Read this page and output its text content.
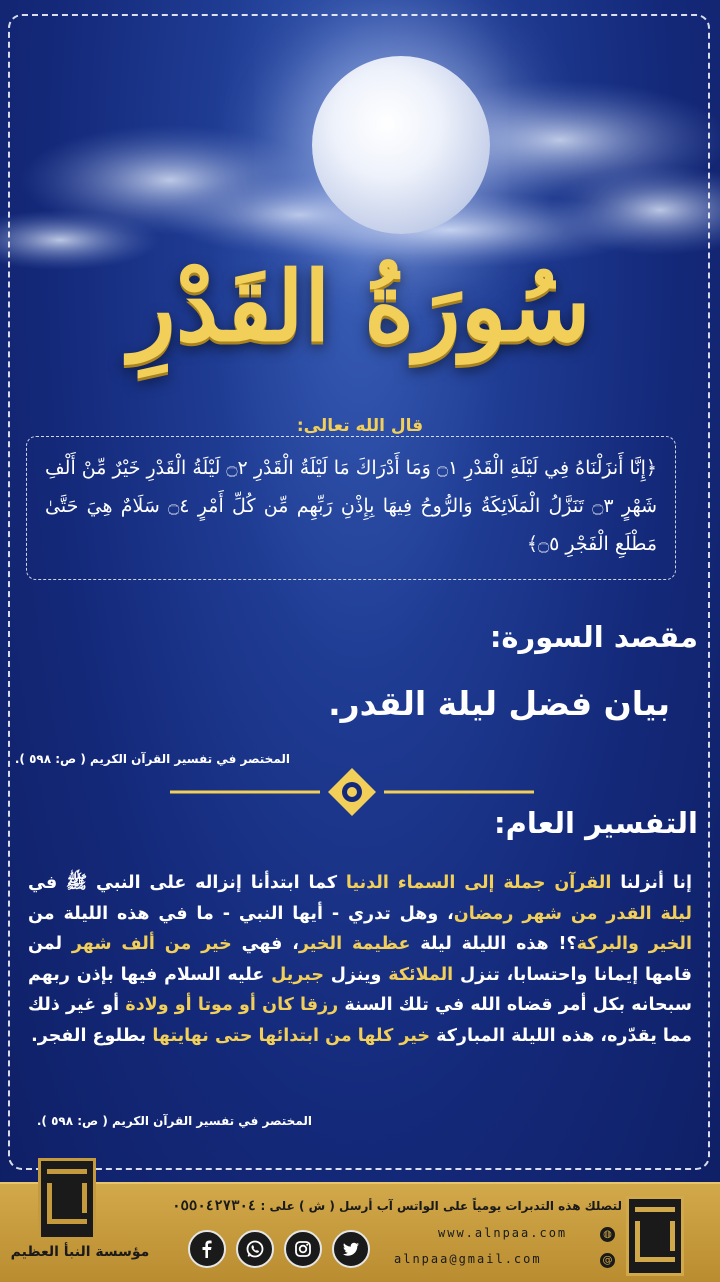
سُورَةُ القَدْرِ
قال الله تعالى:
﴿إِنَّا أَنزَلْنَاهُ فِي لَيْلَةِ الْقَدْرِ ۝١ وَمَا أَدْرَاكَ مَا لَيْلَةُ الْقَدْرِ ۝٢ لَيْلَةُ الْقَدْرِ خَيْرٌ مِّنْ أَلْفِ شَهْرٍ ۝٣ تَنَزَّلُ الْمَلَائِكَةُ وَالرُّوحُ فِيهَا بِإِذْنِ رَبِّهِم مِّن كُلِّ أَمْرٍ ۝٤ سَلَامٌ هِيَ حَتَّىٰ مَطْلَعِ الْفَجْرِ ۝٥﴾
مقصد السورة:
بيان فضل ليلة القدر.
المختصر في تفسير القرآن الكريم ( ص: ٥٩٨ ).
التفسير العام:
إنا أنزلنا القرآن جملة إلى السماء الدنيا كما ابتدأنا إنزاله على النبي ﷺ في ليلة القدر من شهر رمضان، وهل تدري - أيها النبي - ما في هذه الليلة من الخير والبركة؟! هذه الليلة ليلة عظيمة الخير، فهي خير من ألف شهر لمن قامها إيمانا واحتسابا، تنزل الملائكة وينزل جبريل عليه السلام فيها بإذن ربهم سبحانه بكل أمر قضاه الله في تلك السنة رزقا كان أو موتا أو ولادة أو غير ذلك مما يقدّره، هذه الليلة المباركة خير كلها من ابتدائها حتى نهايتها بطلوع الفجر.
المختصر في تفسير القرآن الكريم ( ص: ٥٩٨ ).
مؤسسة النبأ العظيم
لتصلك هذه التدبرات يومياً على الواتس آب أرسل ( ش ) على : ٠٥٥٠٤٢٧٣٠٤
www.alnpaa.com	◍
alnpaa@gmail.com	@
